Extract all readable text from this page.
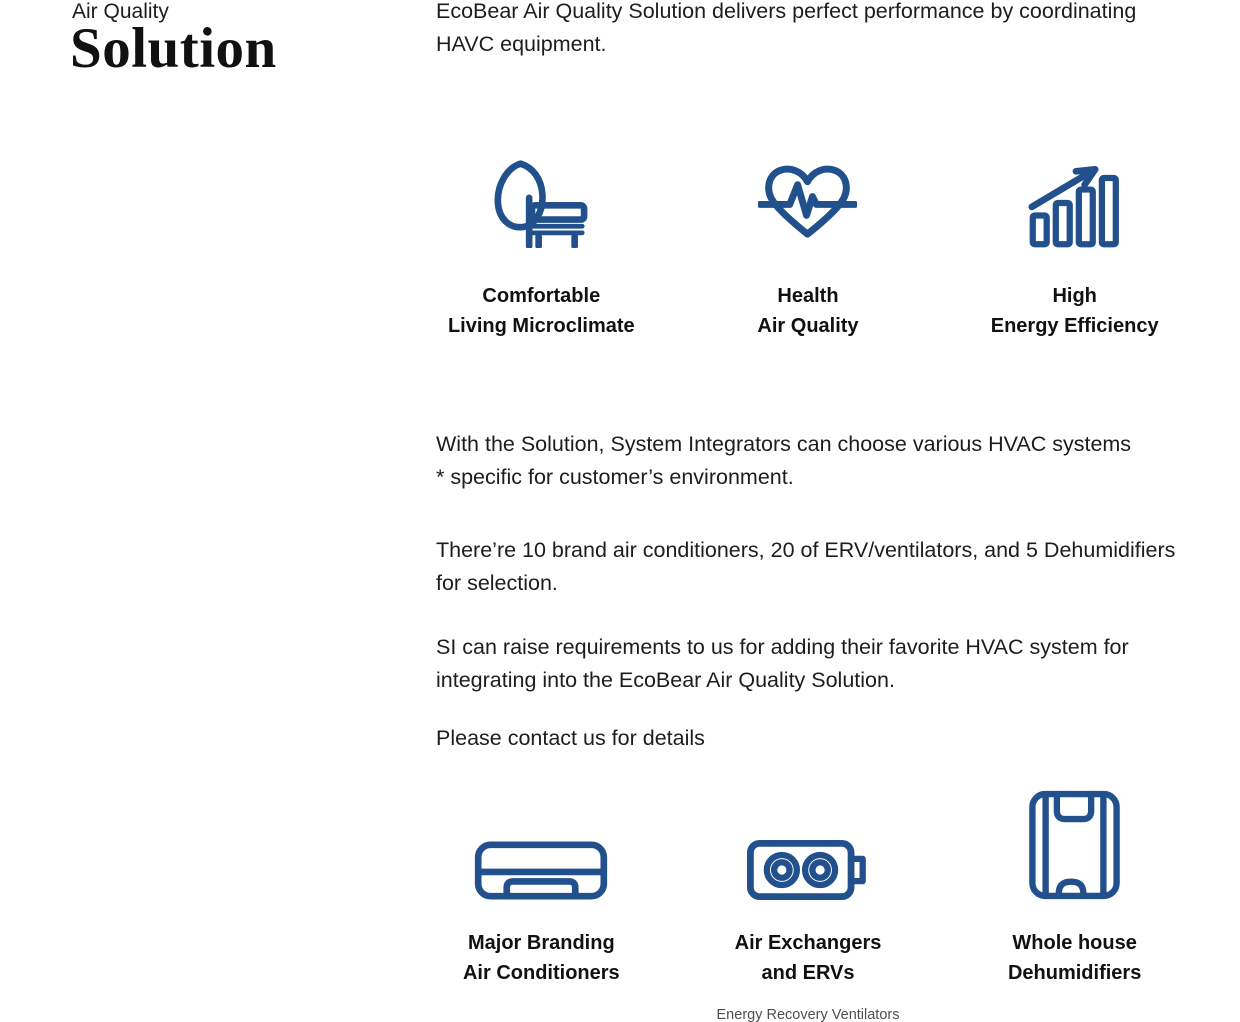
Air Quality
Solution
EcoBear Air Quality Solution delivers perfect performance by coordinating
HAVC equipment.
Comfortable
Living Microclimate
Health
Air Quality
High
Energy Efficiency

With the Solution, System Integrators can choose various HVAC systems
* specific for customer’s environment.

There’re 10 brand air conditioners, 20 of ERV/ventilators, and 5 Dehumidifiers
for selection.

SI can raise requirements to us for adding their favorite HVAC system for
integrating into the EcoBear Air Quality Solution.

Please contact us for details

Major Branding
Air Conditioners
Air Exchangers
and ERVs
Energy Recovery Ventilators
Whole house
Dehumidifiers
